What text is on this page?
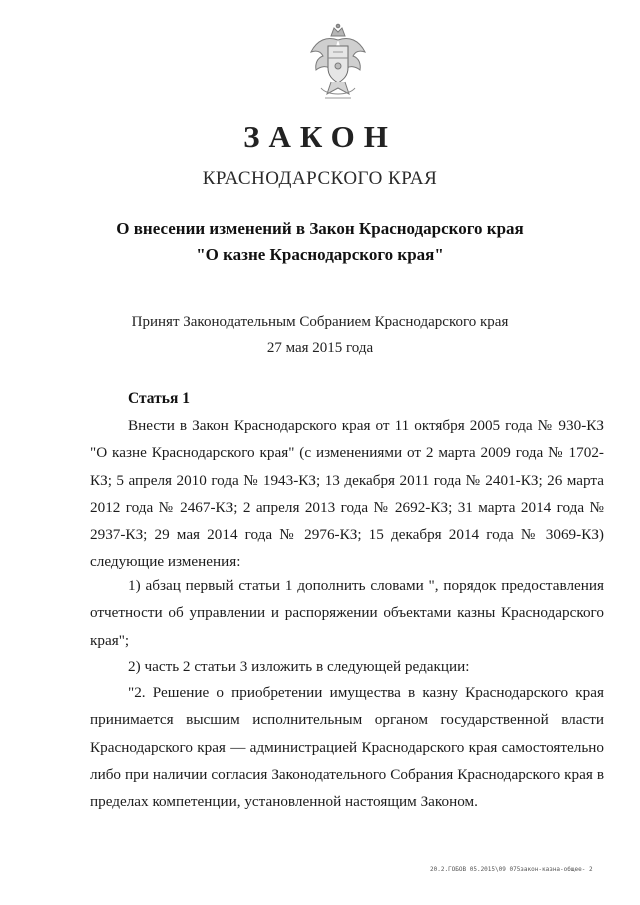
ЗАКОН
КРАСНОДАРСКОГО КРАЯ
О внесении изменений в Закон Краснодарского края
"О казне Краснодарского края"
Принят Законодательным Собранием Краснодарского края
27 мая 2015 года
Статья 1

Внести в Закон Краснодарского края от 11 октября 2005 года № 930-КЗ "О казне Краснодарского края" (с изменениями от 2 марта 2009 года № 1702-КЗ; 5 апреля 2010 года № 1943-КЗ; 13 декабря 2011 года № 2401-КЗ; 26 марта 2012 года № 2467-КЗ; 2 апреля 2013 года № 2692-КЗ; 31 марта 2014 года № 2937-КЗ; 29 мая 2014 года № 2976-КЗ; 15 декабря 2014 года № 3069-КЗ) следующие изменения:

1) абзац первый статьи 1 дополнить словами ", порядок предоставления отчетности об управлении и распоряжении объектами казны Краснодарского края";

2) часть 2 статьи 3 изложить в следующей редакции:

"2. Решение о приобретении имущества в казну Краснодарского края принимается высшим исполнительным органом государственной власти Краснодарского края — администрацией Краснодарского края самостоятельно либо при наличии согласия Законодательного Собрания Краснодарского края в пределах компетенции, установленной настоящим Законом.

20.2.ГОБОВ 05.2015\09 075закон-казна-общее- 2
